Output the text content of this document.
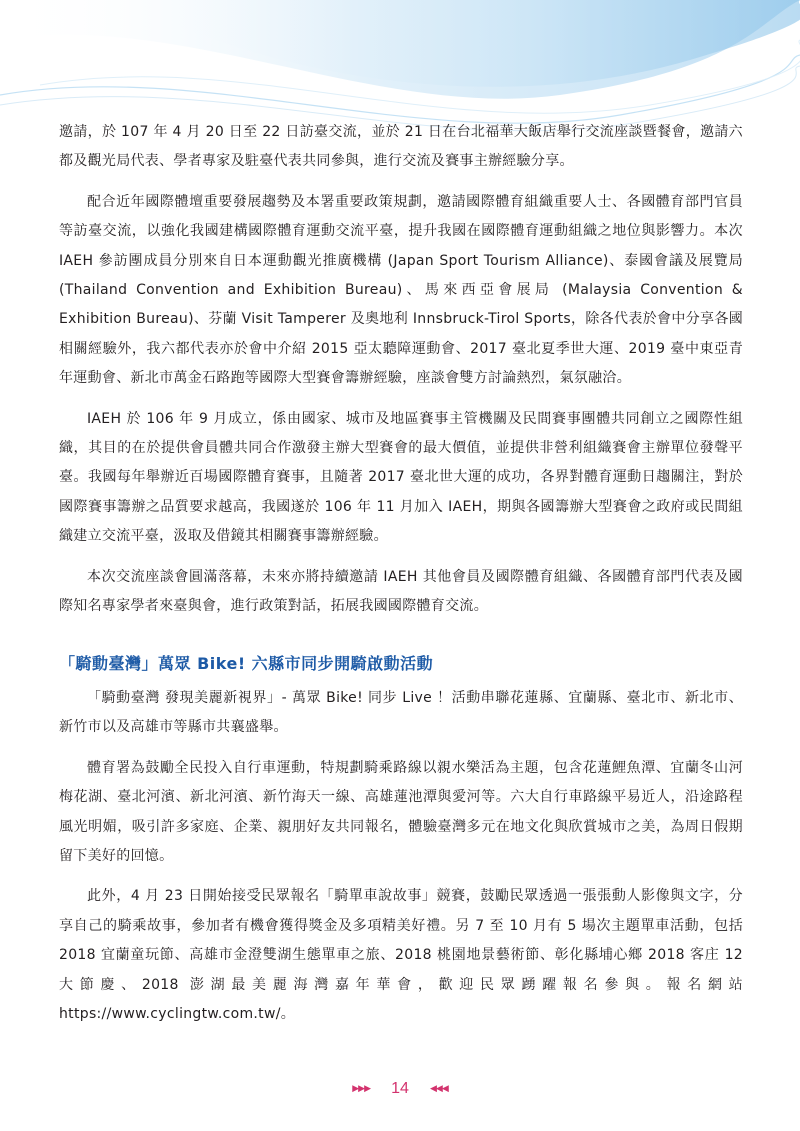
邀請，於 107 年 4 月 20 日至 22 日訪臺交流，並於 21 日在台北福華大飯店舉行交流座談暨餐會，邀請六都及觀光局代表、學者專家及駐臺代表共同參與，進行交流及賽事主辦經驗分享。

配合近年國際體壇重要發展趨勢及本署重要政策規劃，邀請國際體育組織重要人士、各國體育部門官員等訪臺交流，以強化我國建構國際體育運動交流平臺，提升我國在國際體育運動組織之地位與影響力。本次 IAEH 參訪團成員分別來自日本運動觀光推廣機構 (Japan Sport Tourism Alliance)、泰國會議及展覽局 (Thailand Convention and Exhibition Bureau)、馬來西亞會展局 (Malaysia Convention & Exhibition Bureau)、芬蘭 Visit Tamperer 及奧地利 Innsbruck-Tirol Sports，除各代表於會中分享各國相關經驗外，我六都代表亦於會中介紹 2015 亞太聽障運動會、2017 臺北夏季世大運、2019 臺中東亞青年運動會、新北市萬金石路跑等國際大型賽會籌辦經驗，座談會雙方討論熱烈，氣氛融洽。

IAEH 於 106 年 9 月成立，係由國家、城市及地區賽事主管機關及民間賽事團體共同創立之國際性組織，其目的在於提供會員體共同合作激發主辦大型賽會的最大價值，並提供非營利組織賽會主辦單位發聲平臺。我國每年舉辦近百場國際體育賽事，且隨著 2017 臺北世大運的成功，各界對體育運動日趨關注，對於國際賽事籌辦之品質要求越高，我國遂於 106 年 11 月加入 IAEH，期與各國籌辦大型賽會之政府或民間組織建立交流平臺，汲取及借鏡其相關賽事籌辦經驗。

本次交流座談會圓滿落幕，未來亦將持續邀請 IAEH 其他會員及國際體育組織、各國體育部門代表及國際知名專家學者來臺與會，進行政策對話，拓展我國國際體育交流。

「騎動臺灣」萬眾 Bike! 六縣市同步開騎啟動活動

「騎動臺灣 發現美麗新視界」- 萬眾 Bike! 同步 Live ！活動串聯花蓮縣、宜蘭縣、臺北市、新北市、新竹市以及高雄市等縣市共襄盛舉。

體育署為鼓勵全民投入自行車運動，特規劃騎乘路線以親水樂活為主題，包含花蓮鯉魚潭、宜蘭冬山河梅花湖、臺北河濱、新北河濱、新竹海天一線、高雄蓮池潭與愛河等。六大自行車路線平易近人，沿途路程風光明媚，吸引許多家庭、企業、親朋好友共同報名，體驗臺灣多元在地文化與欣賞城市之美，為周日假期留下美好的回憶。

此外，4 月 23 日開始接受民眾報名「騎單車說故事」競賽，鼓勵民眾透過一張張動人影像與文字，分享自己的騎乘故事，參加者有機會獲得獎金及多項精美好禮。另 7 至 10 月有 5 場次主題單車活動，包括 2018 宜蘭童玩節、高雄市金澄雙湖生態單車之旅、2018 桃園地景藝術節、彰化縣埔心鄉 2018 客庄 12 大節慶、2018 澎湖最美麗海灣嘉年華會，歡迎民眾踴躍報名參與。報名網站 https://www.cyclingtw.com.tw/。

▶▶▶ 14 ◀◀◀
